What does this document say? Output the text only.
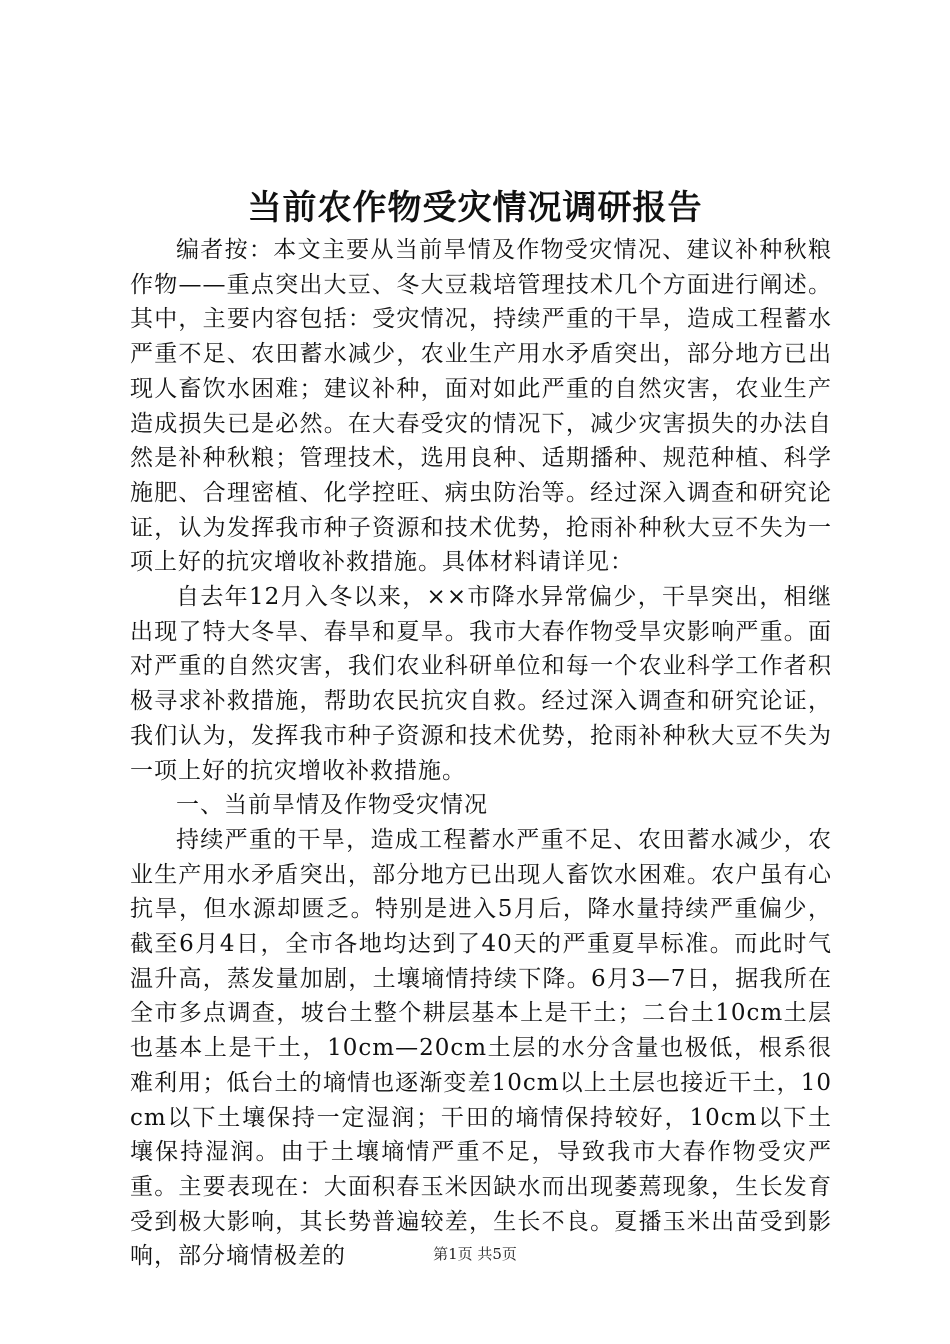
当前农作物受灾情况调研报告

编者按：本文主要从当前旱情及作物受灾情况、建议补种秋粮作物——重点突出大豆、冬大豆栽培管理技术几个方面进行阐述。其中，主要内容包括：受灾情况，持续严重的干旱，造成工程蓄水严重不足、农田蓄水减少，农业生产用水矛盾突出，部分地方已出现人畜饮水困难；建议补种，面对如此严重的自然灾害，农业生产造成损失已是必然。在大春受灾的情况下，减少灾害损失的办法自然是补种秋粮；管理技术，选用良种、适期播种、规范种植、科学施肥、合理密植、化学控旺、病虫防治等。经过深入调查和研究论证，认为发挥我市种子资源和技术优势，抢雨补种秋大豆不失为一项上好的抗灾增收补救措施。具体材料请详见：

自去年12月入冬以来，××市降水异常偏少，干旱突出，相继出现了特大冬旱、春旱和夏旱。我市大春作物受旱灾影响严重。面对严重的自然灾害，我们农业科研单位和每一个农业科学工作者积极寻求补救措施，帮助农民抗灾自救。经过深入调查和研究论证，我们认为，发挥我市种子资源和技术优势，抢雨补种秋大豆不失为一项上好的抗灾增收补救措施。

一、当前旱情及作物受灾情况

持续严重的干旱，造成工程蓄水严重不足、农田蓄水减少，农业生产用水矛盾突出，部分地方已出现人畜饮水困难。农户虽有心抗旱，但水源却匮乏。特别是进入5月后，降水量持续严重偏少，截至6月4日，全市各地均达到了40天的严重夏旱标准。而此时气温升高，蒸发量加剧，土壤墒情持续下降。6月3—7日，据我所在全市多点调查，坡台土整个耕层基本上是干土；二台土10cm土层也基本上是干土，10cm—20cm土层的水分含量也极低，根系很难利用；低台土的墒情也逐渐变差10cm以上土层也接近干土，10cm以下土壤保持一定湿润；干田的墒情保持较好，10cm以下土壤保持湿润。由于土壤墒情严重不足，导致我市大春作物受灾严重。主要表现在：大面积春玉米因缺水而出现萎蔫现象，生长发育受到极大影响，其长势普遍较差，生长不良。夏播玉米出苗受到影响，部分墒情极差的	第1页 共5页
